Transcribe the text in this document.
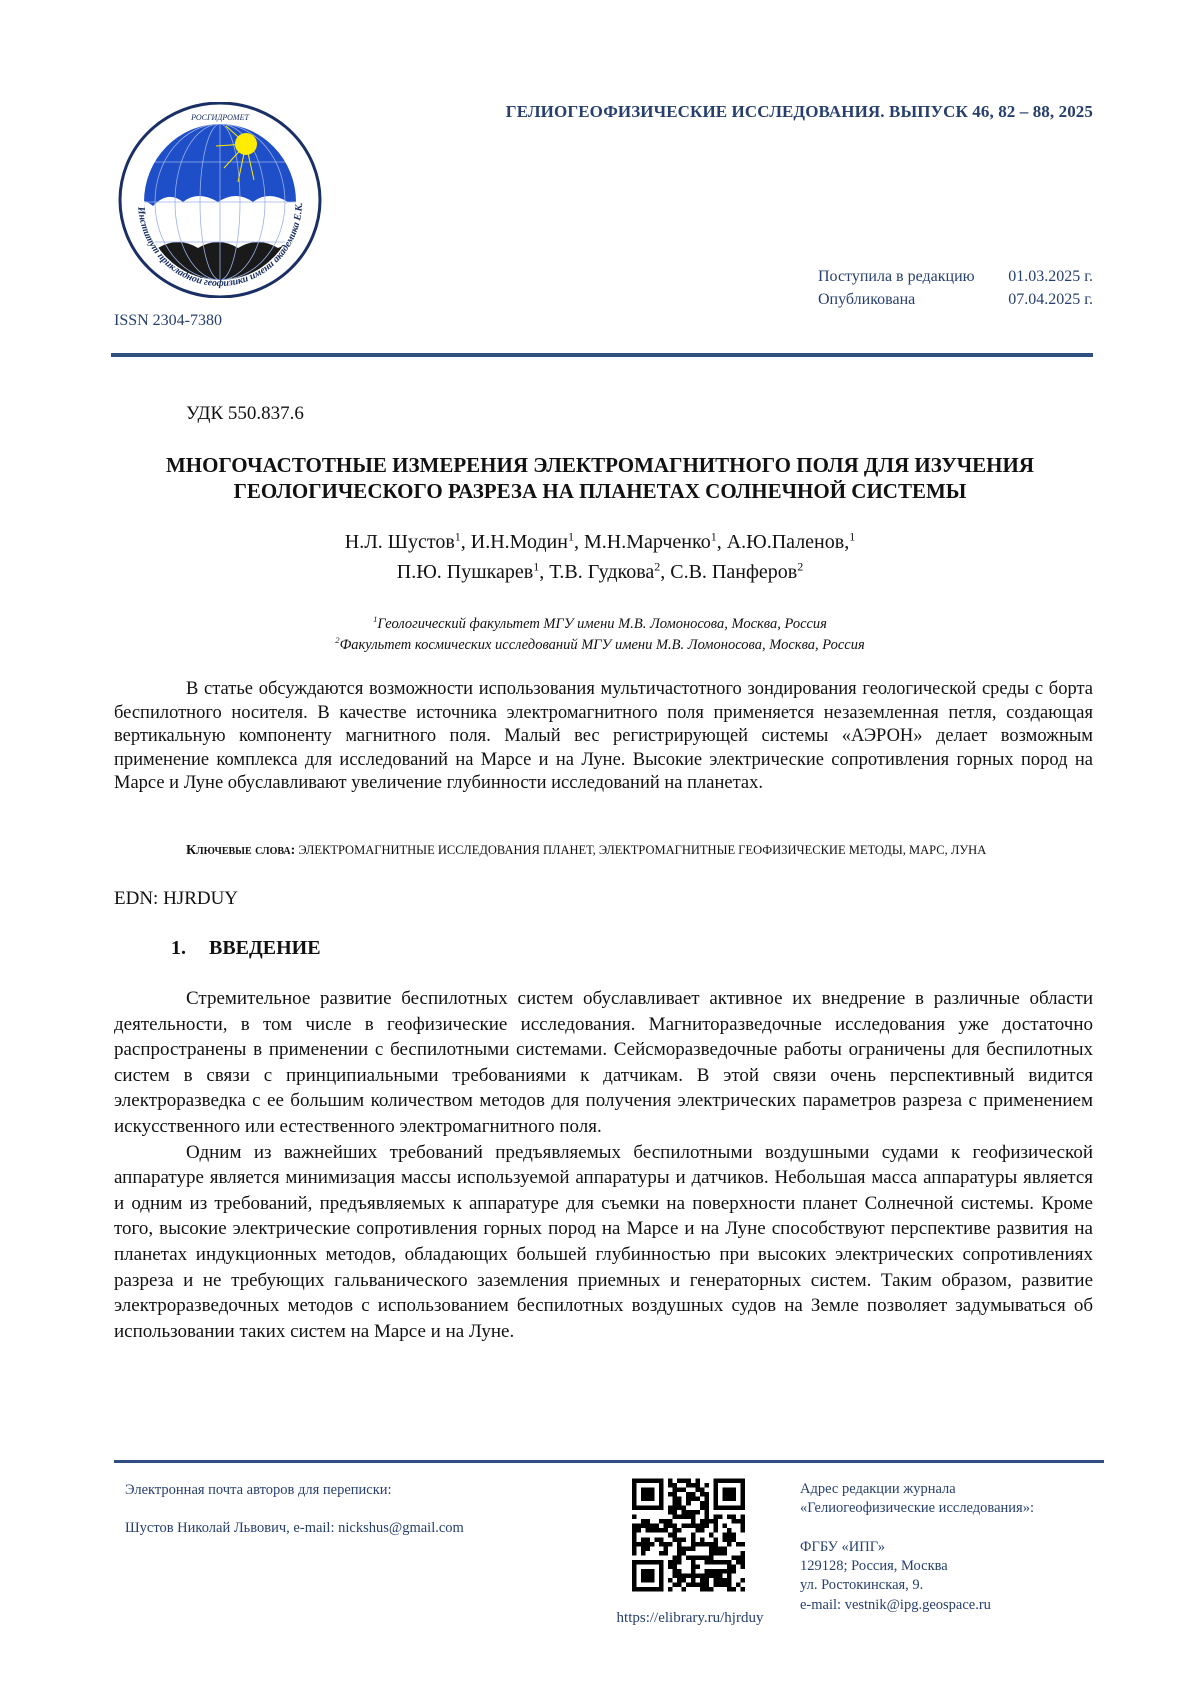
ГЕЛИОГЕОФИЗИЧЕСКИЕ ИССЛЕДОВАНИЯ. ВЫПУСК 46, 82 – 88, 2025
РОСГИДРОМЕТ
Институт прикладной геофизики имени академика Е.К.
Поступила в редакцию 01.03.2025 г.
Опубликована	07.04.2025 г.
ISSN 2304-7380
УДК 550.837.6
МНОГОЧАСТОТНЫЕ ИЗМЕРЕНИЯ ЭЛЕКТРОМАГНИТНОГО ПОЛЯ ДЛЯ ИЗУЧЕНИЯ
ГЕОЛОГИЧЕСКОГО РАЗРЕЗА НА ПЛАНЕТАХ СОЛНЕЧНОЙ СИСТЕМЫ
Н.Л. Шустов1, И.Н.Модин1, М.Н.Марченко1, А.Ю.Паленов,1
П.Ю. Пушкарев1, Т.В. Гудкова2, С.В. Панферов2
1Геологический факультет МГУ имени М.В. Ломоносова, Москва, Россия
2Факультет космических исследований МГУ имени М.В. Ломоносова, Москва, Россия

В статье обсуждаются возможности использования мультичастотного зондирования геологической среды с борта беспилотного носителя. В качестве источника электромагнитного поля применяется незаземленная петля, создающая вертикальную компоненту магнитного поля. Малый вес регистрирующей системы «АЭРОН» делает возможным применение комплекса для исследований на Марсе и на Луне. Высокие электрические сопротивления горных пород на Марсе и Луне обуславливают увеличение глубинности исследований на планетах.

Ключевые слова: ЭЛЕКТРОМАГНИТНЫЕ ИССЛЕДОВАНИЯ ПЛАНЕТ, ЭЛЕКТРОМАГНИТНЫЕ ГЕОФИЗИЧЕСКИЕ МЕТОДЫ, МАРС, ЛУНА
EDN: HJRDUY
1. ВВЕДЕНИЕ

Стремительное развитие беспилотных систем обуславливает активное их внедрение в различные области деятельности, в том числе в геофизические исследования. Магниторазведочные исследования уже достаточно распространены в применении с беспилотными системами. Сейсморазведочные работы ограничены для беспилотных систем в связи с принципиальными требованиями к датчикам. В этой связи очень перспективный видится электроразведка с ее большим количеством методов для получения электрических параметров разреза с применением искусственного или естественного электромагнитного поля.

Одним из важнейших требований предъявляемых беспилотными воздушными судами к геофизической аппаратуре является минимизация массы используемой аппаратуры и датчиков. Небольшая масса аппаратуры является и одним из требований, предъявляемых к аппаратуре для съемки на поверхности планет Солнечной системы. Кроме того, высокие электрические сопротивления горных пород на Марсе и на Луне способствуют перспективе развития на планетах индукционных методов, обладающих большей глубинностью при высоких электрических сопротивлениях разреза и не требующих гальванического заземления приемных и генераторных систем. Таким образом, развитие электроразведочных методов с использованием беспилотных воздушных судов на Земле позволяет задумываться об использовании таких систем на Марсе и на Луне.

Электронная почта авторов для переписки:
Шустов Николай Львович, e-mail: nickshus@gmail.com
https://elibrary.ru/hjrduy
Адрес редакции журнала
«Гелиогеофизические исследования»:

ФГБУ «ИПГ»
129128; Россия, Москва
ул. Ростокинская, 9.
e-mail: vestnik@ipg.geospace.ru
